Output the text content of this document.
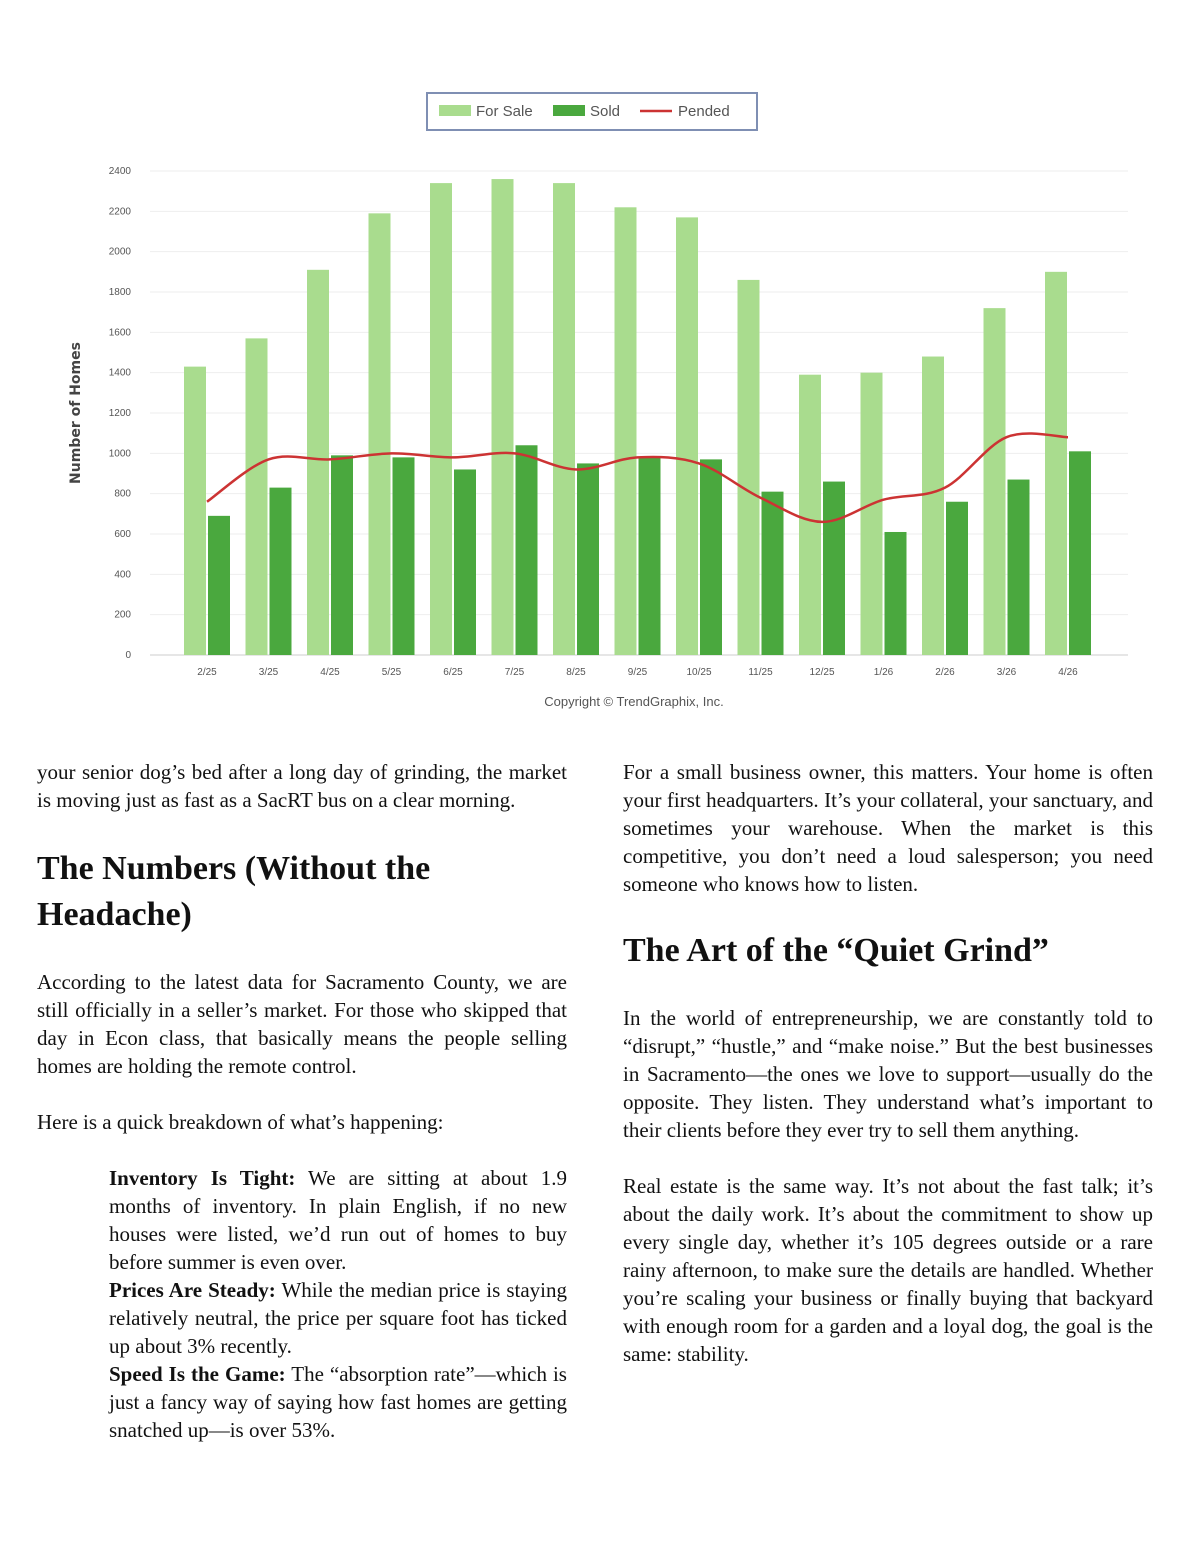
0
200
400
600
800
1000
1200
1400
1600
1800
2000
2200
2400
Number of Homes
2/25	3/25	4/25	5/25	6/25	7/25	8/25	9/25	10/25	11/25	12/25	1/26	2/26	3/26	4/26
For Sale	Sold	Pended
Copyright © TrendGraphix, Inc.

your senior dog’s bed after a long day of grinding, the market is moving just as fast as a SacRT bus on a clear morning.

The Numbers (Without the Headache)

According to the latest data for Sacramento County, we are still officially in a seller’s market. For those who skipped that day in Econ class, that basically means the people selling homes are holding the remote control.

Here is a quick breakdown of what’s happening:

Inventory Is Tight: We are sitting at about 1.9 months of inventory. In plain English, if no new houses were listed, we’d run out of homes to buy before summer is even over.

Prices Are Steady: While the median price is staying relatively neutral, the price per square foot has ticked up about 3% recently.

Speed Is the Game: The “absorption rate”—which is just a fancy way of saying how fast homes are getting snatched up—is over 53%.

For a small business owner, this matters. Your home is often your first headquarters. It’s your collateral, your sanctuary, and sometimes your warehouse. When the market is this competitive, you don’t need a loud salesperson; you need someone who knows how to listen.

The Art of the “Quiet Grind”

In the world of entrepreneurship, we are constantly told to “disrupt,” “hustle,” and “make noise.” But the best businesses in Sacramento—the ones we love to support—usually do the opposite. They listen. They understand what’s important to their clients before they ever try to sell them anything.

Real estate is the same way. It’s not about the fast talk; it’s about the daily work. It’s about the commitment to show up every single day, whether it’s 105 degrees outside or a rare rainy afternoon, to make sure the details are handled. Whether you’re scaling your business or finally buying that backyard with enough room for a garden and a loyal dog, the goal is the same: stability.
